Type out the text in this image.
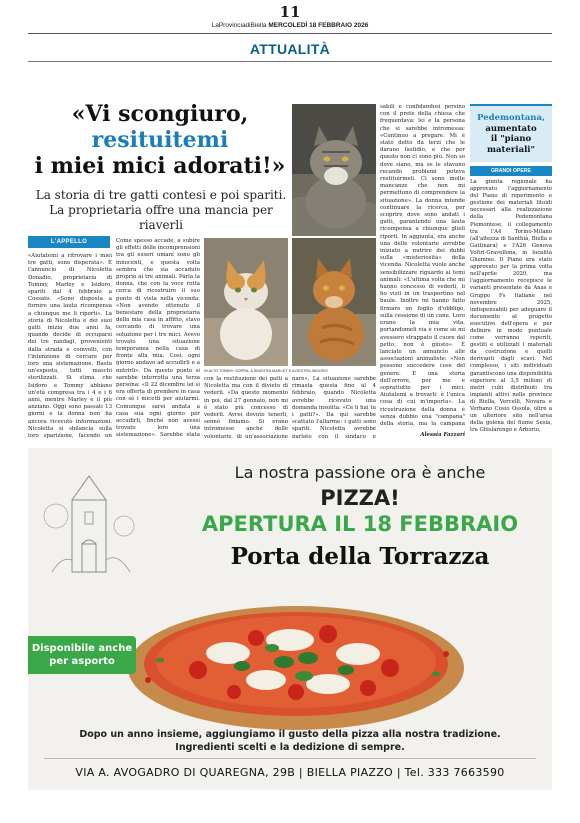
11
LaProvinciadiBiella MERCOLEDÌ 18 FEBBRAIO 2026
ATTUALITÀ
«Vi scongiuro,
resituitemi
i miei mici adorati!»
La storia di tre gatti contesi e poi spariti. La proprietaria offre una mancia per riaverli
L'APPELLO
«Aiutatemi a ritrovare i miei tre gatti, sono disperata». È l'annuncio di Nicoletta Donadio, proprietaria di Tommy, Marley e Isidoro, spariti dal 4 febbraio a Cossato. «Sono disposta a fornire una lauta ricompensa a chiunque me li riporti». La storia di Nicoletta e dei suoi gatti inizia due anni fa, quando decide di occuparsi dei tre randagi, provenienti dalla strada e coinvolti, con l'intenzione di cercare per loro una sistemazione. Basta un'esposta, tutti maschi sterilizzati. Si stima che Isidoro e Tommy abbiano un'età compresa tra i 4 e i 6 anni, mentre Marley è il più anziano. Oggi sono passati 13 giorni e la donna non ha ancora ricevuto informazioni. Nicoletta si sbilancia sulla loro sparizione, facendo un
Come spesso accade, a subire gli effetti delle incomprensioni tra gli esseri umani sono gli innocenti, e questa volta sembra che sia accaduto proprio ai tre animali. Parla la donna, che con la voce rotta cerca di ricostruire il suo punto di vista nella vicenda: «Non avendo ottenuto il benestare della proprietaria della mia casa in affitto, stavo cercando di trovare una soluzione per i tre mici. Avevo trovato una situazione temporanea nella casa di fronte alla mia. Così, ogni giorno andavo ad accudirli e a nutrirli». Da questo punto si sarebbe interrotta una terza persona: «Il 22 dicembre lei si era offerta di prendere in casa con sé i micetti per aiutarmi. Comunque sarei andata a casa sua ogni giorno per accudirli, finché non avessi trovato loro una sistemazione». Sarebbe stata
con la restituzione dei gatti a Nicoletta ma con il divieto di vederli. «Da questo momento in poi, dal 27 gennaio, non mi è stato più concesso di vederli. Avrei dovuto tenerli, sennò finiamo. Si erano intromesse anche delle volontarie, di un'associazione
nare». La situazione sarebbe rimasta questa fino al 4 febbraio, quando Nicoletta avrebbe ricevuto una domanda insolita: «Ce li hai tu i gatti?». Da qui sarebbe scattato l'allarme: i gatti sono spariti. Nicoletta avrebbe parlato con il sindaco e
sabili e confidandosi persino con il prete della chiesa che frequentava: lei e la persona che si sarebbe intromessa: «Continuo a pregare. Mi è stato detto da terzi che le darano fastidio, e che per questo non ci sono più. Non so dove siano, ma se le stavano recando problemi poteva restituirmeli. Ci sono molte mancanze che non mi permettono di comprendere la situazione». La donna intende continuare la ricerca, per scoprire dove sono andati i gatti, garantendo una lauta ricompensa a chiunque glieli riporti. In aggiunta, era anche una delle volontarie avrebbe iniziato a nutrire dei dubbi sulla «misteriosità» della vicenda. Nicoletta vuole anche sensibilizzare riguardo ai temi animali: «L'ultima volta che mi hanno concesso di vederli, li ho visti in un trasportino nel baule. Inoltre mi hanno fatto firmare un foglio d'obbligo, sulla cessione di un cane. Loro erano la mia vita, portandomeli via è come se mi avessero strappato il cuore dal petto, non è giusto». È lanciato un annuncio alle associazioni animaliste: «Non possono succedere cose del genere. È una storia dell'orrore, per me e soprattutto per i mici. Aiutatemi a trovarli: è l'unica cosa di cui m'importa». La ricostruzione della donna è senza dubbio una "campana" della storia, ma la campana
Alessia Fazzari
IN ALTO TOMMY; SOPRA, A SINISTRA MARLEY E A DESTRA ISIDORO
Pedemontana,
aumentato
il "piano materiali"
GRANDI OPERE
La giunta regionale ha approvato l'aggiornamento del Piano di reperimento e gestione dei materiali litoidi necessari alla realizzazione della Pedemontana Piemontese, il collegamento tra l'A4 Torino-Milano (all'altezza di Santhià, Biella e Gattinara) e l'A26 Genova Voltri-Gravellona, in località Ghemme. Il Piano era stato approvato per la prima volta nell'aprile 2020, ma l'aggiornamento recepisce le varianti presentate da Anas e Gruppo Fs Italiane nel novembre 2025, indispensabili per adeguare il documento al progetto esecutivo dell'opera e per definire in modo puntuale come verranno reperiti, gestiti e utilizzati i materiali da costruzione e quelli derivanti dagli scavi. Nel complesso, i siti individuati garantiscono una disponibilità superiore al 3,5 milioni di metri cubi distribuiti tra impianti attivi nelle province di Biella, Vercelli, Novara e Verbano Cusio Ossola, oltre a un ulteriore sito nell'area della golena del fiume Sesia, tra Ghislarengo e Arborio.
La nostra passione ora è anche
PIZZA!
APERTURA IL 18 FEBBRAIO
Porta della Torrazza
Disponibile anche
per asporto
Dopo un anno insieme, aggiungiamo il gusto della pizza alla nostra tradizione.
Ingredienti scelti e la dedizione di sempre.
VIA A. AVOGADRO DI QUAREGNA, 29B | BIELLA PIAZZO | Tel. 333 7663590
